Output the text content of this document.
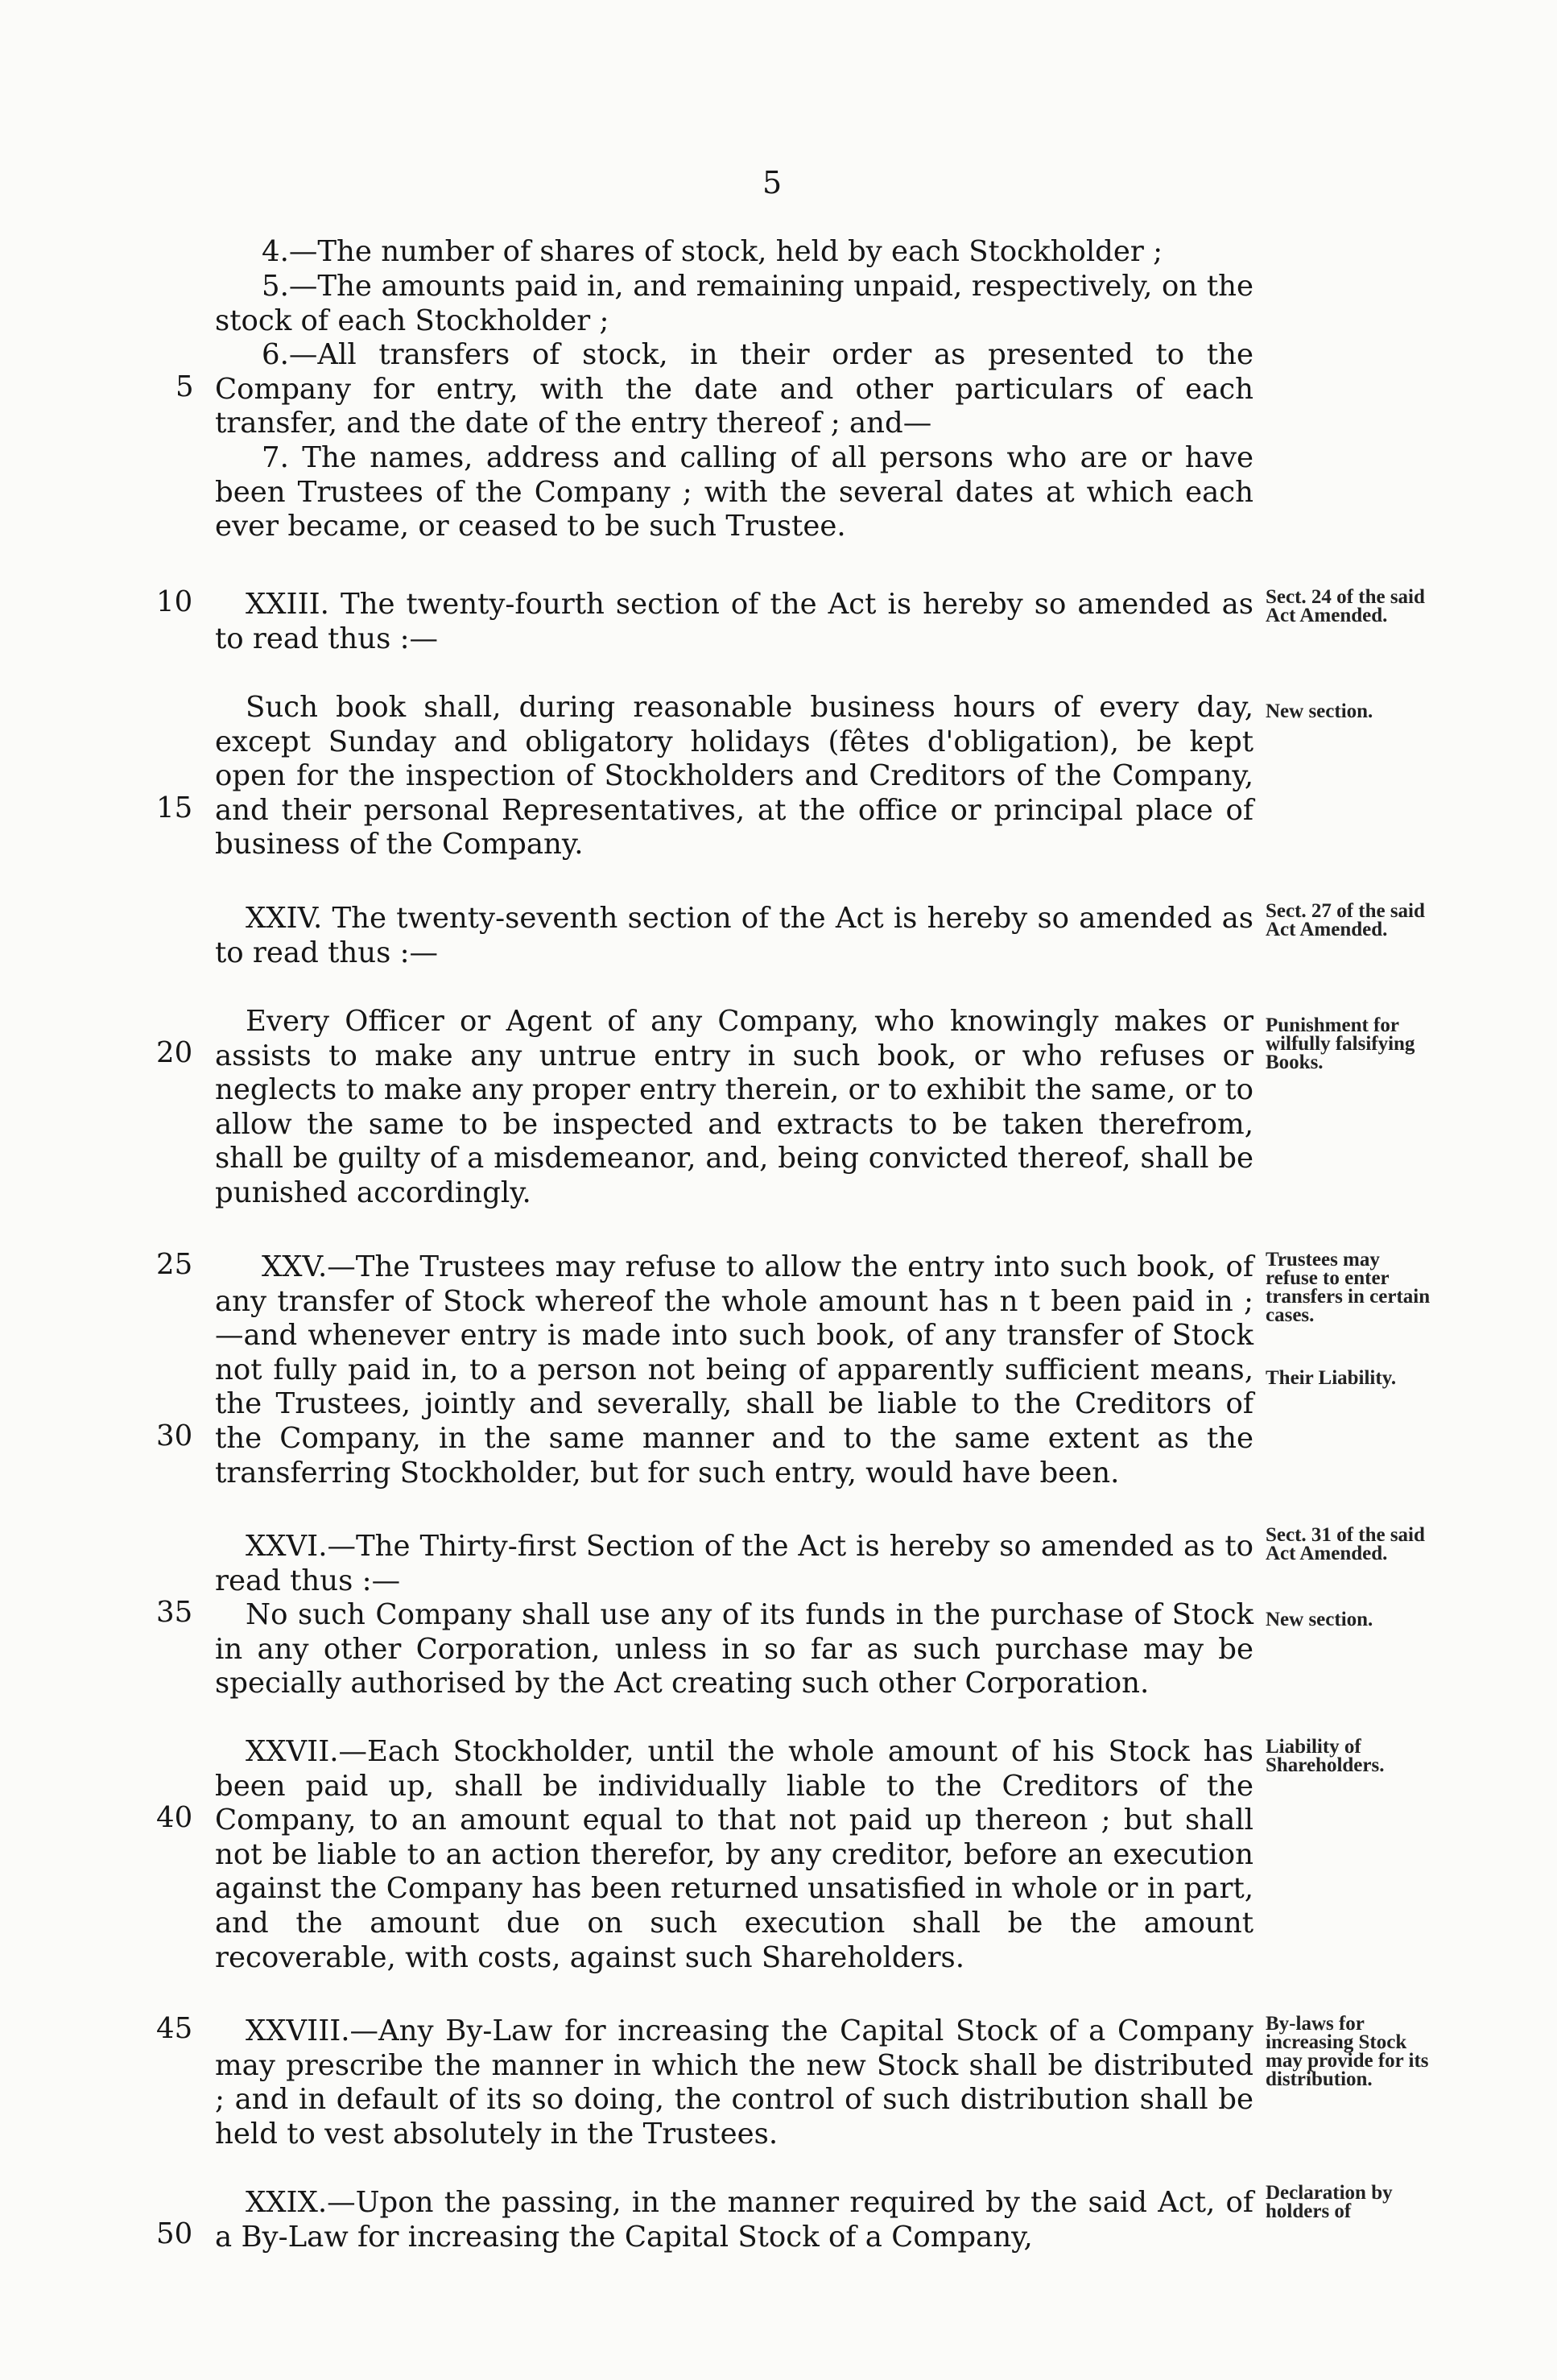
5

4.—The number of shares of stock, held by each Stockholder ;

5.—The amounts paid in, and remaining unpaid, respectively, on the stock of each Stockholder ;

6.—All transfers of stock, in their order as presented to the Company for entry, with the date and other particulars of each transfer, and the date of the entry thereof ; and—

7. The names, address and calling of all persons who are or have been Trustees of the Company ; with the several dates at which each ever became, or ceased to be such Trustee.

XXIII. The twenty-fourth section of the Act is hereby so amended as to read thus :—

Such book shall, during reasonable business hours of every day, except Sunday and obligatory holidays (fêtes d'obligation), be kept open for the inspection of Stockholders and Creditors of the Company, and their personal Representatives, at the office or principal place of business of the Company.

XXIV. The twenty-seventh section of the Act is hereby so amended as to read thus :—

Every Officer or Agent of any Company, who knowingly makes or assists to make any untrue entry in such book, or who refuses or neglects to make any proper entry therein, or to exhibit the same, or to allow the same to be inspected and extracts to be taken therefrom, shall be guilty of a misdemeanor, and, being convicted thereof, shall be punished accordingly.

XXV.—The Trustees may refuse to allow the entry into such book, of any transfer of Stock whereof the whole amount has n t been paid in ;—and whenever entry is made into such book, of any transfer of Stock not fully paid in, to a person not being of apparently sufficient means, the Trustees, jointly and severally, shall be liable to the Creditors of the Company, in the same manner and to the same extent as the transferring Stockholder, but for such entry, would have been.

XXVI.—The Thirty-first Section of the Act is hereby so amended as to read thus :—

No such Company shall use any of its funds in the purchase of Stock in any other Corporation, unless in so far as such purchase may be specially authorised by the Act creating such other Corporation.

XXVII.—Each Stockholder, until the whole amount of his Stock has been paid up, shall be individually liable to the Creditors of the Company, to an amount equal to that not paid up thereon ; but shall not be liable to an action therefor, by any creditor, before an execution against the Company has been returned unsatisfied in whole or in part, and the amount due on such execution shall be the amount recoverable, with costs, against such Shareholders.

XXVIII.—Any By-Law for increasing the Capital Stock of a Company may prescribe the manner in which the new Stock shall be distributed ; and in default of its so doing, the control of such distribution shall be held to vest absolutely in the Trustees.

XXIX.—Upon the passing, in the manner required by the said Act, of a By-Law for increasing the Capital Stock of a Company,

Sect. 24 of the said Act Amended.
New section.
Sect. 27 of the said Act Amended.
Punishment for wilfully falsifying Books.
Trustees may refuse to enter transfers in certain cases.
Their Liability.
Sect. 31 of the said Act Amended.
New section.
Liability of Shareholders.
By-laws for increasing Stock may provide for its distribution.
Declaration by holders of
5
10
15
20
25
30
35
40
45
50
